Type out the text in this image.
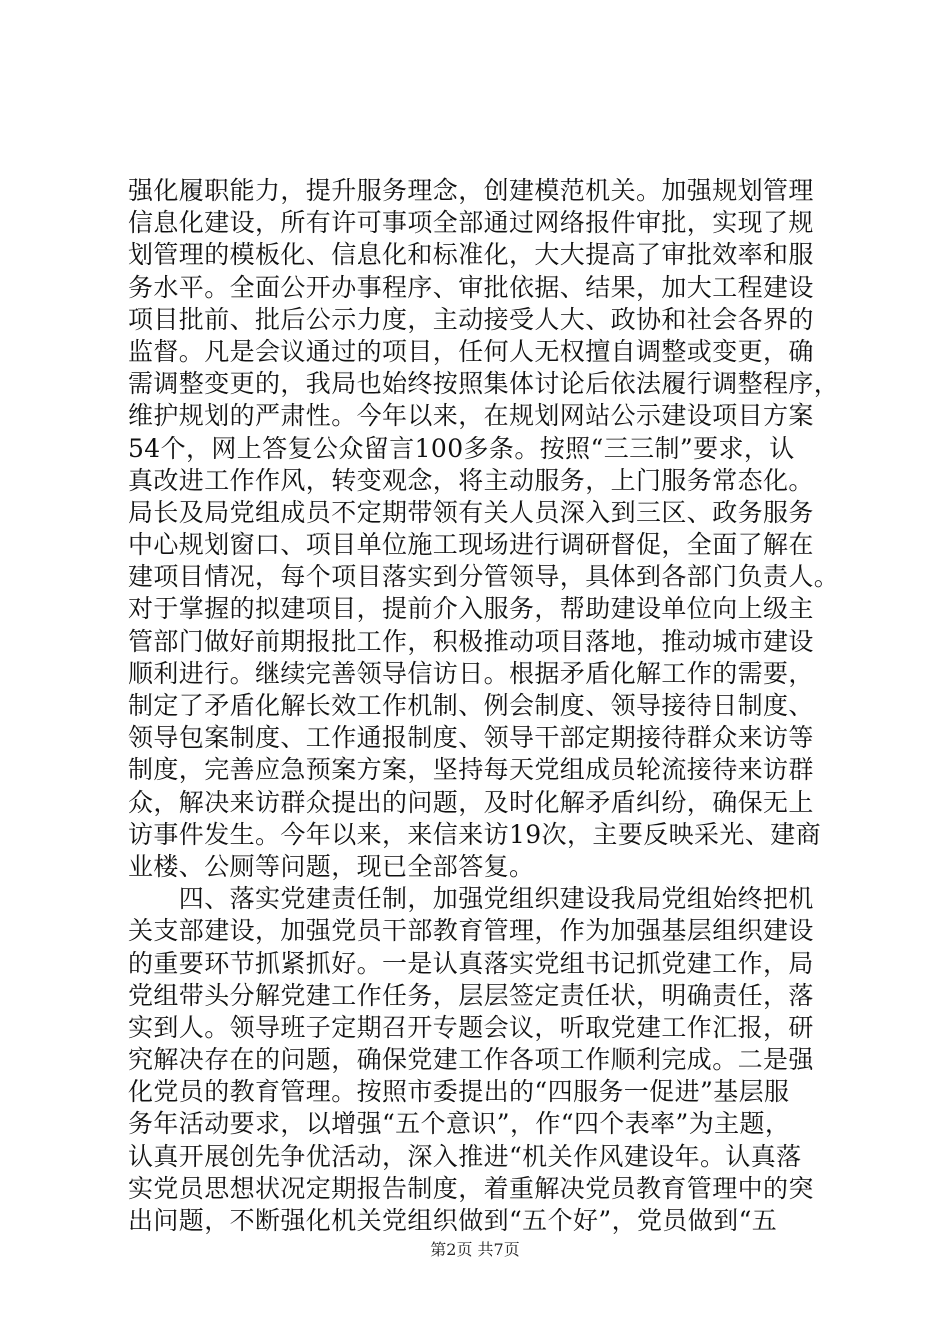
强化履职能力，提升服务理念，创建模范机关。加强规划管理
信息化建设，所有许可事项全部通过网络报件审批，实现了规
划管理的模板化、信息化和标准化，大大提高了审批效率和服
务水平。全面公开办事程序、审批依据、结果，加大工程建设
项目批前、批后公示力度，主动接受人大、政协和社会各界的
监督。凡是会议通过的项目，任何人无权擅自调整或变更，确
需调整变更的，我局也始终按照集体讨论后依法履行调整程序，
维护规划的严肃性。今年以来，在规划网站公示建设项目方案
54个，网上答复公众留言100多条。按照“三三制”要求，认
真改进工作作风，转变观念，将主动服务，上门服务常态化。
局长及局党组成员不定期带领有关人员深入到三区、政务服务
中心规划窗口、项目单位施工现场进行调研督促，全面了解在
建项目情况，每个项目落实到分管领导，具体到各部门负责人。
对于掌握的拟建项目，提前介入服务，帮助建设单位向上级主
管部门做好前期报批工作，积极推动项目落地，推动城市建设
顺利进行。继续完善领导信访日。根据矛盾化解工作的需要，
制定了矛盾化解长效工作机制、例会制度、领导接待日制度、
领导包案制度、工作通报制度、领导干部定期接待群众来访等
制度，完善应急预案方案，坚持每天党组成员轮流接待来访群
众，解决来访群众提出的问题，及时化解矛盾纠纷，确保无上
访事件发生。今年以来，来信来访19次，主要反映采光、建商
业楼、公厕等问题，现已全部答复。
　　四、落实党建责任制，加强党组织建设我局党组始终把机
关支部建设，加强党员干部教育管理，作为加强基层组织建设
的重要环节抓紧抓好。一是认真落实党组书记抓党建工作，局
党组带头分解党建工作任务，层层签定责任状，明确责任，落
实到人。领导班子定期召开专题会议，听取党建工作汇报，研
究解决存在的问题，确保党建工作各项工作顺利完成。二是强
化党员的教育管理。按照市委提出的“四服务一促进”基层服
务年活动要求，以增强“五个意识”，作“四个表率”为主题，
认真开展创先争优活动，深入推进“机关作风建设年。认真落
实党员思想状况定期报告制度，着重解决党员教育管理中的突
出问题，不断强化机关党组织做到“五个好”，党员做到“五
第2页 共7页
